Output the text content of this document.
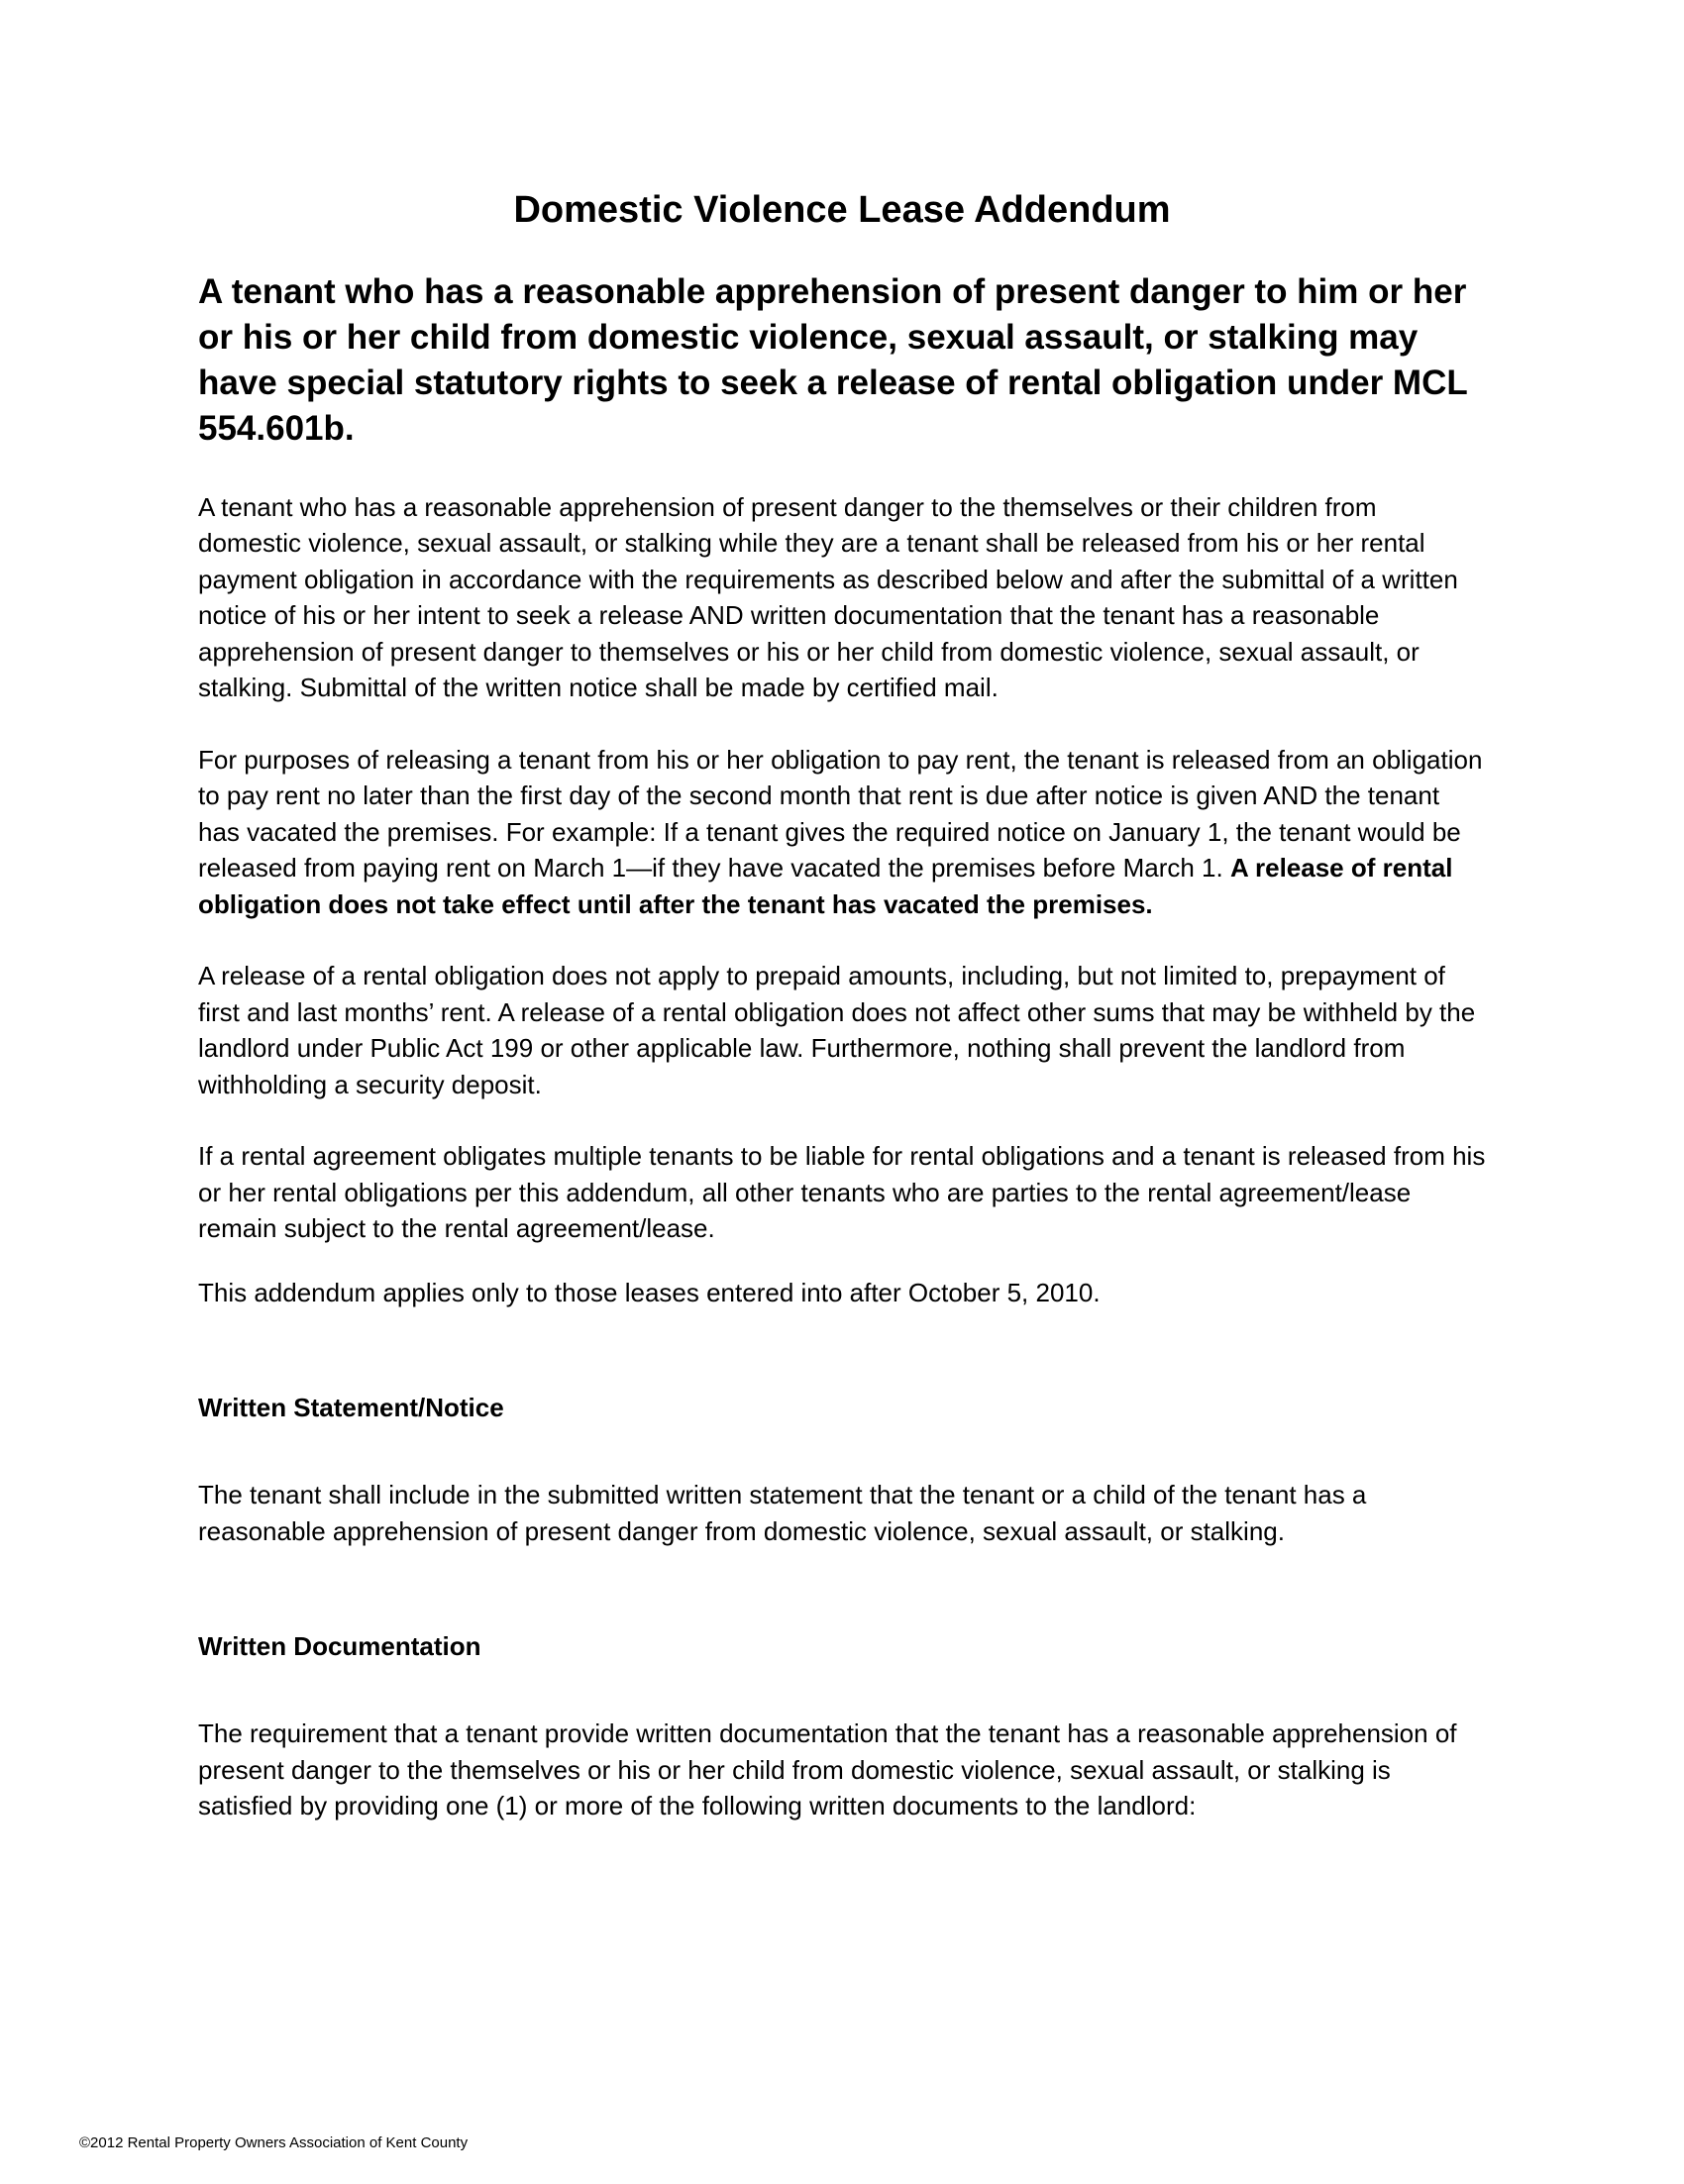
Domestic Violence Lease Addendum

A tenant who has a reasonable apprehension of present danger to him or her or his or her child from domestic violence, sexual assault, or stalking may have special statutory rights to seek a release of rental obligation under MCL 554.601b.

A tenant who has a reasonable apprehension of present danger to the themselves or their children from domestic violence, sexual assault, or stalking while they are a tenant shall be released from his or her rental payment obligation in accordance with the requirements as described below and after the submittal of a written notice of his or her intent to seek a release AND written documentation that the tenant has a reasonable apprehension of present danger to themselves or his or her child from domestic violence, sexual assault, or stalking. Submittal of the written notice shall be made by certified mail.

For purposes of releasing a tenant from his or her obligation to pay rent, the tenant is released from an obligation to pay rent no later than the first day of the second month that rent is due after notice is given AND the tenant has vacated the premises. For example: If a tenant gives the required notice on January 1, the tenant would be released from paying rent on March 1—if they have vacated the premises before March 1. A release of rental obligation does not take effect until after the tenant has vacated the premises.

A release of a rental obligation does not apply to prepaid amounts, including, but not limited to, prepayment of first and last months’ rent. A release of a rental obligation does not affect other sums that may be withheld by the landlord under Public Act 199 or other applicable law. Furthermore, nothing shall prevent the landlord from withholding a security deposit.

If a rental agreement obligates multiple tenants to be liable for rental obligations and a tenant is released from his or her rental obligations per this addendum, all other tenants who are parties to the rental agreement/lease remain subject to the rental agreement/lease.

This addendum applies only to those leases entered into after October 5, 2010.

Written Statement/Notice

The tenant shall include in the submitted written statement that the tenant or a child of the tenant has a reasonable apprehension of present danger from domestic violence, sexual assault, or stalking.

Written Documentation

The requirement that a tenant provide written documentation that the tenant has a reasonable apprehension of present danger to the themselves or his or her child from domestic violence, sexual assault, or stalking is satisfied by providing one (1) or more of the following written documents to the landlord:

©2012 Rental Property Owners Association of Kent County
